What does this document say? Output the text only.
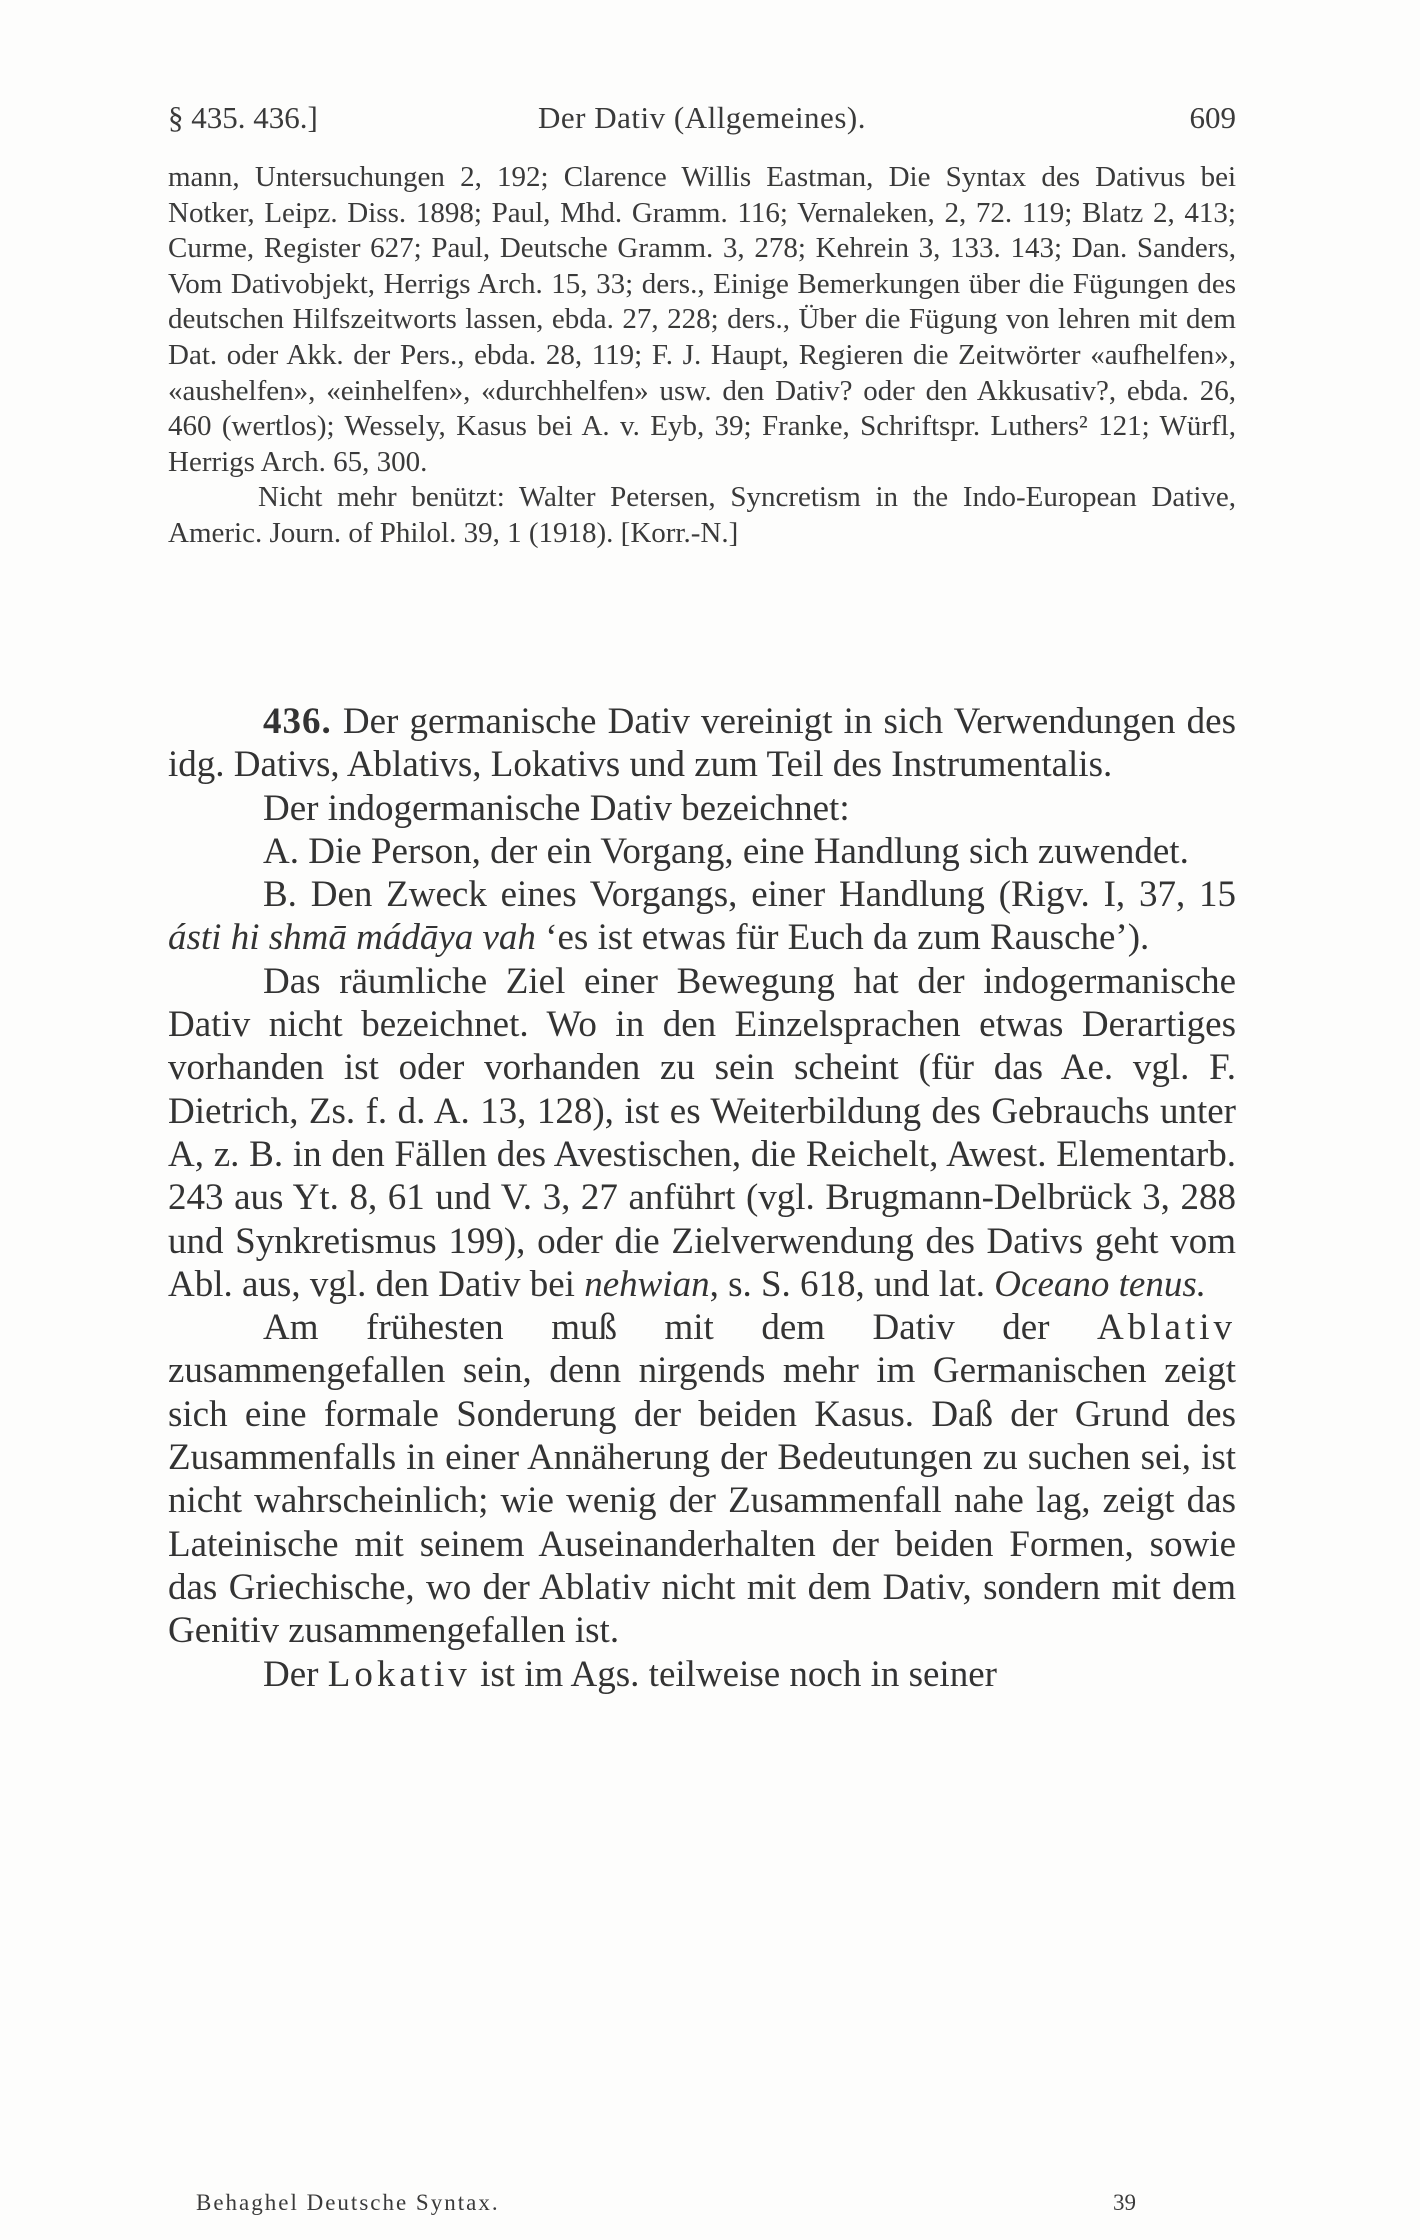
§ 435. 436.]	Der Dativ (Allgemeines).	609

mann, Untersuchungen 2, 192; Clarence Willis Eastman, Die Syntax des Dativus bei Notker, Leipz. Diss. 1898; Paul, Mhd. Gramm. 116; Vernaleken, 2, 72. 119; Blatz 2, 413; Curme, Register 627; Paul, Deutsche Gramm. 3, 278; Kehrein 3, 133. 143; Dan. Sanders, Vom Dativobjekt, Herrigs Arch. 15, 33; ders., Einige Bemerkungen über die Fügungen des deutschen Hilfszeitworts lassen, ebda. 27, 228; ders., Über die Fügung von lehren mit dem Dat. oder Akk. der Pers., ebda. 28, 119; F. J. Haupt, Regieren die Zeitwörter «aufhelfen», «aushelfen», «einhelfen», «durchhelfen» usw. den Dativ? oder den Akkusativ?, ebda. 26, 460 (wertlos); Wessely, Kasus bei A. v. Eyb, 39; Franke, Schriftspr. Luthers² 121; Würfl, Herrigs Arch. 65, 300.

Nicht mehr benützt: Walter Petersen, Syncretism in the Indo-European Dative, Americ. Journ. of Philol. 39, 1 (1918). [Korr.-N.]

436. Der germanische Dativ vereinigt in sich Verwendungen des idg. Dativs, Ablativs, Lokativs und zum Teil des Instrumentalis.

Der indogermanische Dativ bezeichnet:

A. Die Person, der ein Vorgang, eine Handlung sich zuwendet.

B. Den Zweck eines Vorgangs, einer Handlung (Rigv. I, 37, 15 ásti hi shmā mádāya vah ‘es ist etwas für Euch da zum Rausche’).

Das räumliche Ziel einer Bewegung hat der indogermanische Dativ nicht bezeichnet. Wo in den Einzelsprachen etwas Derartiges vorhanden ist oder vorhanden zu sein scheint (für das Ae. vgl. F. Dietrich, Zs. f. d. A. 13, 128), ist es Weiterbildung des Gebrauchs unter A, z. B. in den Fällen des Avestischen, die Reichelt, Awest. Elementarb. 243 aus Yt. 8, 61 und V. 3, 27 anführt (vgl. Brugmann-Delbrück 3, 288 und Synkretismus 199), oder die Zielverwendung des Dativs geht vom Abl. aus, vgl. den Dativ bei nehwian, s. S. 618, und lat. Oceano tenus.

Am frühesten muß mit dem Dativ der Ablativ zusammengefallen sein, denn nirgends mehr im Germanischen zeigt sich eine formale Sonderung der beiden Kasus. Daß der Grund des Zusammenfalls in einer Annäherung der Bedeutungen zu suchen sei, ist nicht wahrscheinlich; wie wenig der Zusammenfall nahe lag, zeigt das Lateinische mit seinem Auseinanderhalten der beiden Formen, sowie das Griechische, wo der Ablativ nicht mit dem Dativ, sondern mit dem Genitiv zusammengefallen ist.

Der Lokativ ist im Ags. teilweise noch in seiner

Behaghel Deutsche Syntax.	39
